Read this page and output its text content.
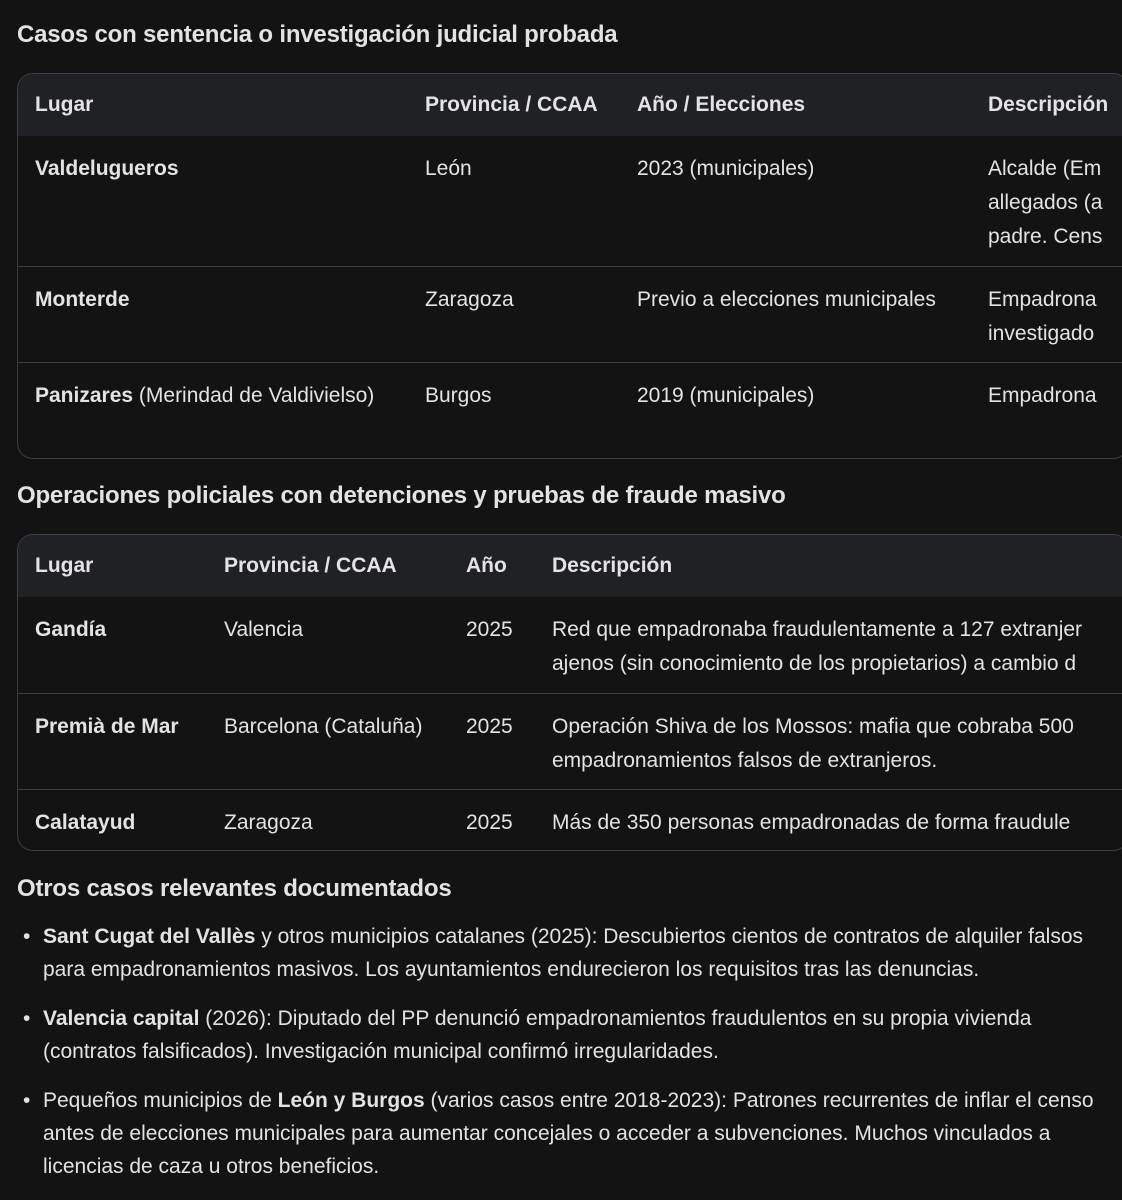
Casos con sentencia o investigación judicial probada
Lugar	Provincia / CCAA	Año / Elecciones	Descripción
Valdelugueros	León	2023 (municipales)	Alcalde (Em
allegados (a
padre. Cens

Monterde	Zaragoza	Previo a elecciones municipales	Empadrona
investigado

Panizares (Merindad de Valdivielso)	Burgos	2019 (municipales)	Empadrona
Operaciones policiales con detenciones y pruebas de fraude masivo
Lugar	Provincia / CCAA	Año	Descripción
Gandía	Valencia	2025	Red que empadronaba fraudulentamente a 127 extranjer
ajenos (sin conocimiento de los propietarios) a cambio d

Premià de Mar	Barcelona (Cataluña)	2025	Operación Shiva de los Mossos: mafia que cobraba 500
empadronamientos falsos de extranjeros.

Calatayud	Zaragoza	2025	Más de 350 personas empadronadas de forma fraudule
Otros casos relevantes documentados
• Sant Cugat del Vallès y otros municipios catalanes (2025): Descubiertos cientos de contratos de alquiler falsos para empadronamientos masivos. Los ayuntamientos endurecieron los requisitos tras las denuncias.
• Valencia capital (2026): Diputado del PP denunció empadronamientos fraudulentos en su propia vivienda (contratos falsificados). Investigación municipal confirmó irregularidades.
• Pequeños municipios de León y Burgos (varios casos entre 2018-2023): Patrones recurrentes de inflar el censo antes de elecciones municipales para aumentar concejales o acceder a subvenciones. Muchos vinculados a licencias de caza u otros beneficios.
